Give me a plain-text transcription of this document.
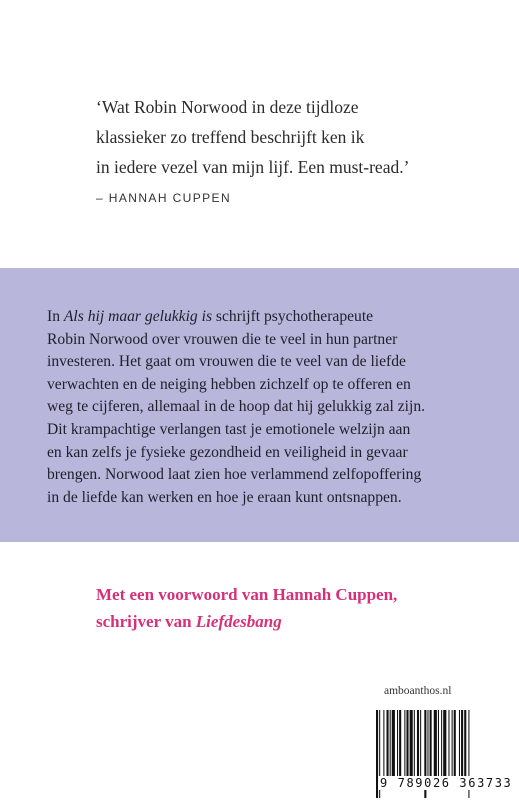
‘Wat Robin Norwood in deze tijdloze

klassieker zo treffend beschrijft ken ik

in iedere vezel van mijn lijf. Een must-read.’

– HANNAH CUPPEN

In Als hij maar gelukkig is schrijft psychotherapeute

Robin Norwood over vrouwen die te veel in hun partner

investeren. Het gaat om vrouwen die te veel van de liefde

verwachten en de neiging hebben zichzelf op te offeren en

weg te cijferen, allemaal in de hoop dat hij gelukkig zal zijn.

Dit krampachtige verlangen tast je emotionele welzijn aan

en kan zelfs je fysieke gezondheid en veiligheid in gevaar

brengen. Norwood laat zien hoe verlammend zelfopoffering

in de liefde kan werken en hoe je eraan kunt ontsnappen.

Met een voorwoord van Hannah Cuppen,

schrijver van Liefdesbang

amboanthos.nl
9 789026 363733
